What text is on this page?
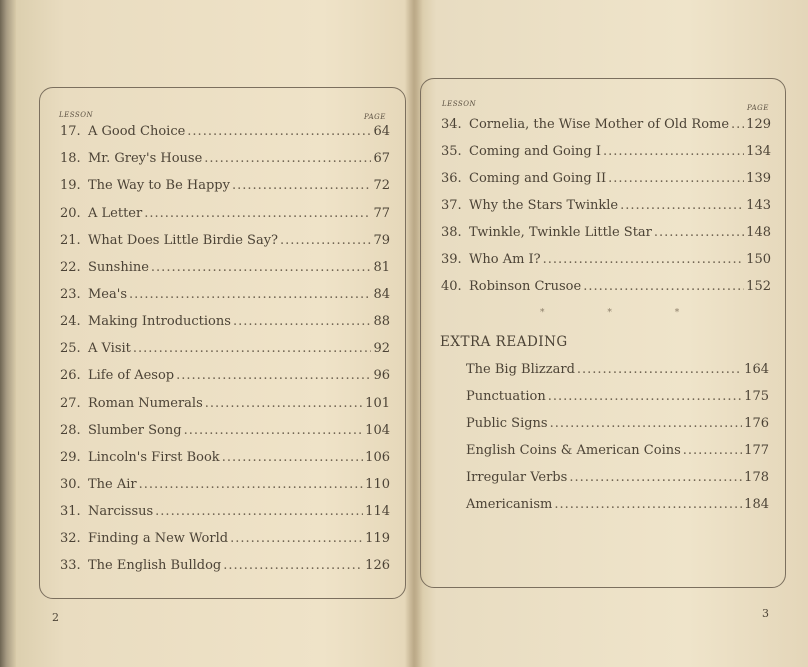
LESSON	PAGE
17. A Good Choice .....	64
18. Mr. Grey's House .....	67
19. The Way to Be Happy .....	72
20. A Letter .....	77
21. What Does Little Birdie Say? .....	79
22. Sunshine .....	81
23. Mea's .....	84
24. Making Introductions .....	88
25. A Visit .....	92
26. Life of Aesop .....	96
27. Roman Numerals .....	101
28. Slumber Song .....	104
29. Lincoln's First Book .....	106
30. The Air .....	110
31. Narcissus .....	114
32. Finding a New World .....	119
33. The English Bulldog .....	126
2
LESSON	PAGE
34. Cornelia, the Wise Mother of Old Rome ..... 129
35. Coming and Going I .....	134
36. Coming and Going II .....	139
37. Why the Stars Twinkle .....	143
38. Twinkle, Twinkle Little Star .....	148
39. Who Am I? .....	150
40. Robinson Crusoe .....	152
* * *
EXTRA READING
The Big Blizzard .....	164
Punctuation .....	175
Public Signs .....	176
English Coins & American Coins .....	177
Irregular Verbs .....	178
Americanism .....	184
3
